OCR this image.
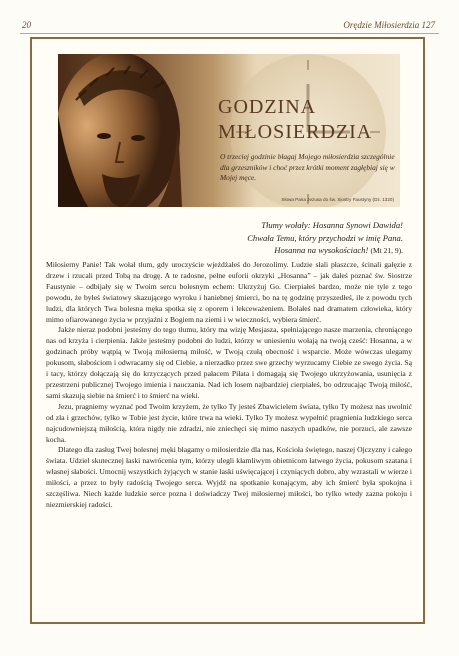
20	Orędzie Miłosierdzia 127
GODZINA
MIŁOSIERDZIA
O trzeciej godzinie błagaj Mojego miłosierdzia szczególnie dla grzeszników i choć przez krótki moment zagłębiaj się w Mojej męce.
Słowa Pana Jezusa do św. Siostry Faustyny (Dz. 1320)
Tłumy wołały: Hosanna Synowi Dawida!
Chwała Temu, który przychodzi w imię Pana.
Hosanna na wysokościach! (Mt 21, 9).

Miłosierny Panie! Tak wołał tłum, gdy uroczyście wjeżdżałeś do Jerozolimy. Ludzie słali płaszcze, ścinali gałęzie z drzew i rzucali przed Tobą na drogę. A te radosne, pełne euforii okrzyki „Hosanna” – jak dałeś poznać św. Siostrze Faustynie – odbijały się w Twoim sercu bolesnym echem: Ukrzyżuj Go. Cierpiałeś bardzo, może nie tyle z tego powodu, że byłeś światowy skazującego wyroku i haniebnej śmierci, bo na tę godzinę przyszedłeś, ile z powodu tych ludzi, dla których Twa bolesna męka spotka się z oporem i lekceważeniem. Bolałeś nad dramatem człowieka, który mimo ofiarowanego życia w przyjaźni z Bogiem na ziemi i w wieczności, wybiera śmierć.

Jakże nieraz podobni jesteśmy do tego tłumu, który ma wizję Mesjasza, spełniającego nasze marzenia, chroniącego nas od krzyża i cierpienia. Jakże jesteśmy podobni do ludzi, którzy w uniesieniu wołają na twoją cześć: Hosanna, a w godzinach próby wątpią w Twoją miłosierną miłość, w Twoją czułą obecność i wsparcie. Może wówczas ulegamy pokusom, słabościom i odwracamy się od Ciebie, a nierzadko przez swe grzechy wyrzucamy Ciebie ze swego życia. Są i tacy, którzy dołączają się do krzyczących przed pałacem Piłata i domagają się Twojego ukrzyżowania, usunięcia z przestrzeni publicznej Twojego imienia i nauczania. Nad ich losem najbardziej cierpiałeś, bo odrzucając Twoją miłość, sami skazują siebie na śmierć i to śmierć na wieki.

Jezu, pragniemy wyznać pod Twoim krzyżem, że tylko Ty jesteś Zbawicielem świata, tylko Ty możesz nas uwolnić od zła i grzechów, tylko w Tobie jest życie, które trwa na wieki. Tylko Ty możesz wypełnić pragnienia ludzkiego serca najcudowniejszą miłością, która nigdy nie zdradzi, nie zniechęci się mimo naszych upadków, nie porzuci, ale zawsze kocha.

Dlatego dla zasług Twej bolesnej męki błagamy o miłosierdzie dla nas, Kościoła świętego, naszej Ojczyzny i całego świata. Udziel skutecznej łaski nawrócenia tym, którzy ulegli kłamliwym obietnicom łatwego życia, pokusom szatana i własnej słabości. Umocnij wszystkich żyjących w stanie łaski uświęcającej i czyniących dobro, aby wzrastali w wierze i miłości, a przez to były radością Twojego serca. Wyjdź na spotkanie konającym, aby ich śmierć była spokojna i szczęśliwa. Niech każde ludzkie serce pozna i doświadczy Twej miłosiernej miłości, bo tylko wtedy zazna pokoju i niezmierskiej radości.
